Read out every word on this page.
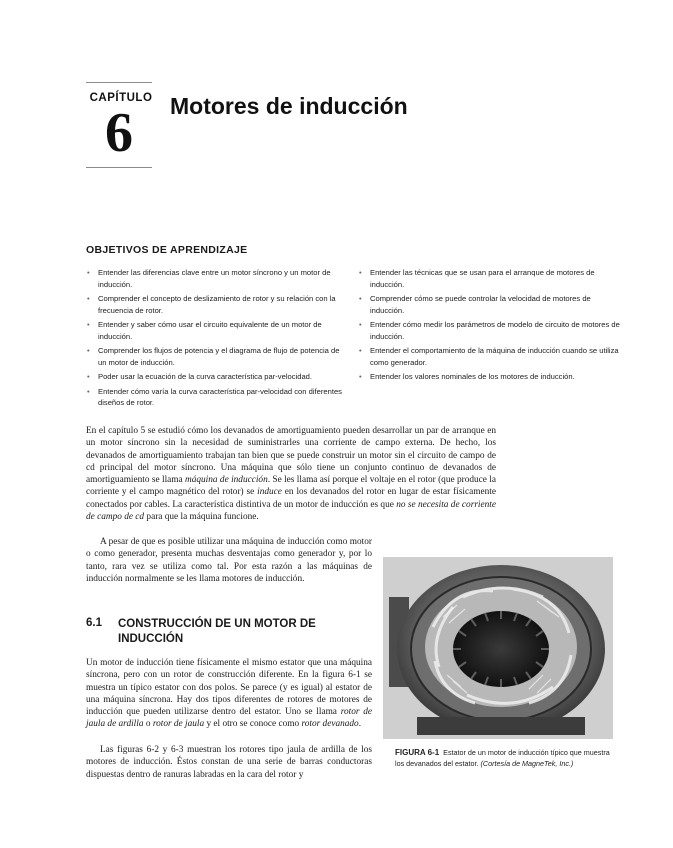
CAPÍTULO
6	Motores de inducción
OBJETIVOS DE APRENDIZAJE
• Entender las diferencias clave entre un motor síncrono y un motor de inducción.
• Comprender el concepto de deslizamiento de rotor y su relación con la frecuencia de rotor.
• Entender y saber cómo usar el circuito equivalente de un motor de inducción.
• Comprender los flujos de potencia y el diagrama de flujo de potencia de un motor de inducción.
• Poder usar la ecuación de la curva característica par-velocidad.
• Entender cómo varía la curva característica par-velocidad con diferentes diseños de rotor.
• Entender las técnicas que se usan para el arranque de motores de inducción.
• Comprender cómo se puede controlar la velocidad de motores de inducción.
• Entender cómo medir los parámetros de modelo de circuito de motores de inducción.
• Entender el comportamiento de la máquina de inducción cuando se utiliza como generador.
• Entender los valores nominales de los motores de inducción.

En el capítulo 5 se estudió cómo los devanados de amortiguamiento pueden desarrollar un par de arranque en un motor síncrono sin la necesidad de suministrarles una corriente de campo externa. De hecho, los devanados de amortiguamiento trabajan tan bien que se puede construir un motor sin el circuito de campo de cd principal del motor síncrono. Una máquina que sólo tiene un conjunto continuo de devanados de amortiguamiento se llama máquina de inducción. Se les llama así porque el voltaje en el rotor (que produce la corriente y el campo magnético del rotor) se induce en los devanados del rotor en lugar de estar físicamente conectados por cables. La característica distintiva de un motor de inducción es que no se necesita de corriente de campo de cd para que la máquina funcione.

A pesar de que es posible utilizar una máquina de inducción como motor o como generador, presenta muchas desventajas como generador y, por lo tanto, rara vez se utiliza como tal. Por esta razón a las máquinas de inducción normalmente se les llama motores de inducción.

6.1 CONSTRUCCIÓN DE UN MOTOR DE INDUCCIÓN

Un motor de inducción tiene físicamente el mismo estator que una máquina síncrona, pero con un rotor de construcción diferente. En la figura 6-1 se muestra un típico estator con dos polos. Se parece (y es igual) al estator de una máquina síncrona. Hay dos tipos diferentes de rotores de motores de inducción que pueden utilizarse dentro del estator. Uno se llama rotor de jaula de ardilla o rotor de jaula y el otro se conoce como rotor devanado.

Las figuras 6-2 y 6-3 muestran los rotores tipo jaula de ardilla de los motores de inducción. Éstos constan de una serie de barras conductoras dispuestas dentro de ranuras labradas en la cara del rotor y

FIGURA 6-1 Estator de un motor de inducción típico que muestra los devanados del estator. (Cortesía de MagneTek, Inc.)
